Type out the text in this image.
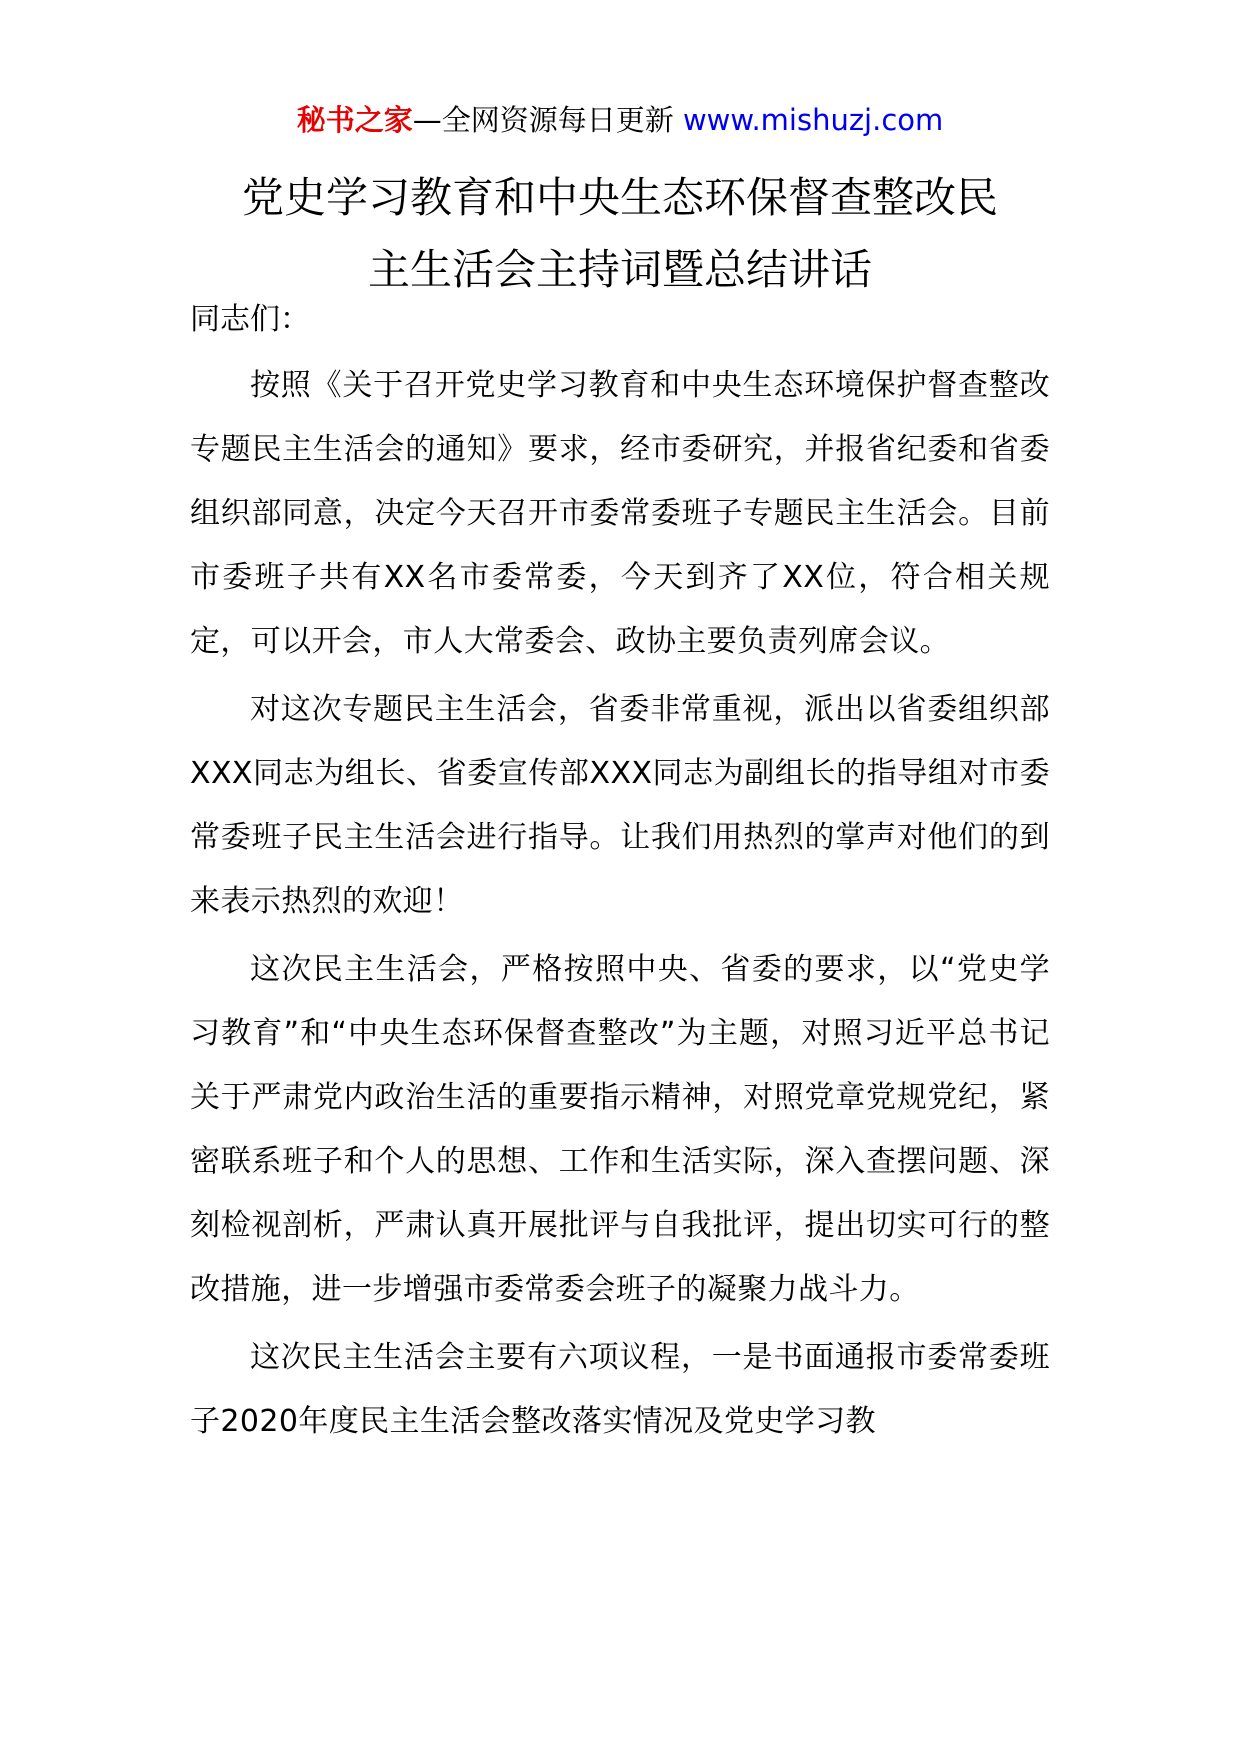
秘书之家—全网资源每日更新 www.mishuzj.com
党史学习教育和中央生态环保督查整改民
主生活会主持词暨总结讲话

同志们：

按照《关于召开党史学习教育和中央生态环境保护督查整改专题民主生活会的通知》要求，经市委研究，并报省纪委和省委组织部同意，决定今天召开市委常委班子专题民主生活会。目前市委班子共有XX名市委常委，今天到齐了XX位，符合相关规定，可以开会，市人大常委会、政协主要负责列席会议。

对这次专题民主生活会，省委非常重视，派出以省委组织部XXX同志为组长、省委宣传部XXX同志为副组长的指导组对市委常委班子民主生活会进行指导。让我们用热烈的掌声对他们的到来表示热烈的欢迎！

这次民主生活会，严格按照中央、省委的要求，以“党史学习教育”和“中央生态环保督查整改”为主题，对照习近平总书记关于严肃党内政治生活的重要指示精神，对照党章党规党纪，紧密联系班子和个人的思想、工作和生活实际，深入查摆问题、深刻检视剖析，严肃认真开展批评与自我批评，提出切实可行的整改措施，进一步增强市委常委会班子的凝聚力战斗力。

这次民主生活会主要有六项议程，一是书面通报市委常委班子2020年度民主生活会整改落实情况及党史学习教
